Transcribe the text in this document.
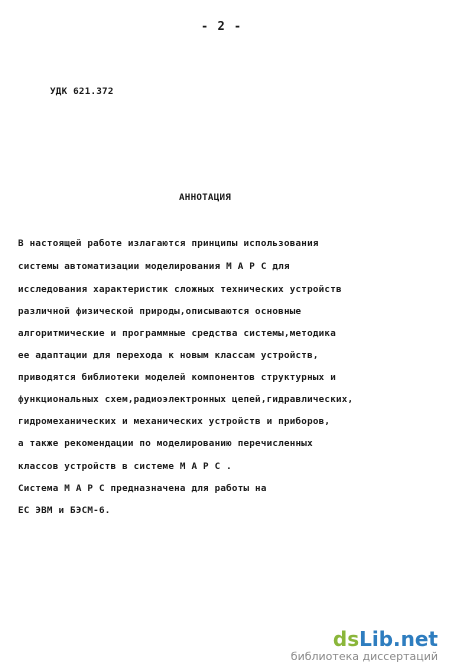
- 2 -
УДК 621.372
АННОТАЦИЯ
В настоящей работе излагаются принципы использования
системы автоматизации моделирования М А Р С для
исследования характеристик сложных технических устройств
различной физической природы,описываются основные
алгоритмические и программные средства системы,методика
ее адаптации для перехода к новым классам устройств,
приводятся библиотеки моделей компонентов структурных и
функциональных схем,радиоэлектронных цепей,гидравлических,
гидромеханических и механических устройств и приборов,
а также рекомендации по моделированию перечисленных
классов устройств в системе М А Р С .
Система М А Р С предназначена для работы на
ЕС ЭВМ и БЭСМ-6.
dsLib.net
библиотека диссертаций
